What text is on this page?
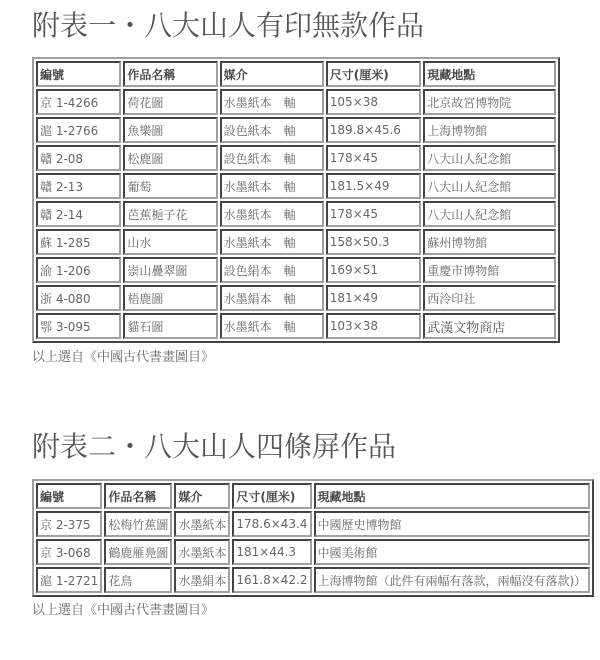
附表一・八大山人有印無款作品
編號	作品名稱	媒介	尺寸(厘米)	現藏地點
京 1-4266	荷花圖	水墨紙本　軸	105×38	北京故宮博物院
滬 1-2766	魚樂圖	設色紙本　軸	189.8×45.6	上海博物館
贛 2-08	松鹿圖	設色紙本　軸	178×45	八大山人紀念館
贛 2-13	葡萄	水墨紙本　軸	181.5×49	八大山人紀念館
贛 2-14	芭蕉梔子花	水墨紙本　軸	178×45	八大山人紀念館
蘇 1-285	山水	水墨紙本　軸	158×50.3	蘇州博物館
渝 1-206	崇山疊翠圖	設色絹本　軸	169×51	重慶市博物館
浙 4-080	梧鹿圖	水墨絹本　軸	181×49	西泠印社
鄂 3-095	貓石圖	水墨紙本　軸	103×38	武漢文物商店

以上選自《中國古代書畫圖目》

附表二・八大山人四條屏作品
編號	作品名稱	媒介	尺寸(厘米)	現藏地點
京 2-375	松梅竹蕉圖	水墨紙本	178.6×43.4	中國歷史博物館
京 3-068	鶴鹿雁鳧圖	水墨紙本	181×44.3	中國美術館
滬 1-2721	花鳥	水墨絹本	161.8×42.2	上海博物館（此件有兩幅有落款，兩幅沒有落款)）

以上選自《中國古代書畫圖目》
